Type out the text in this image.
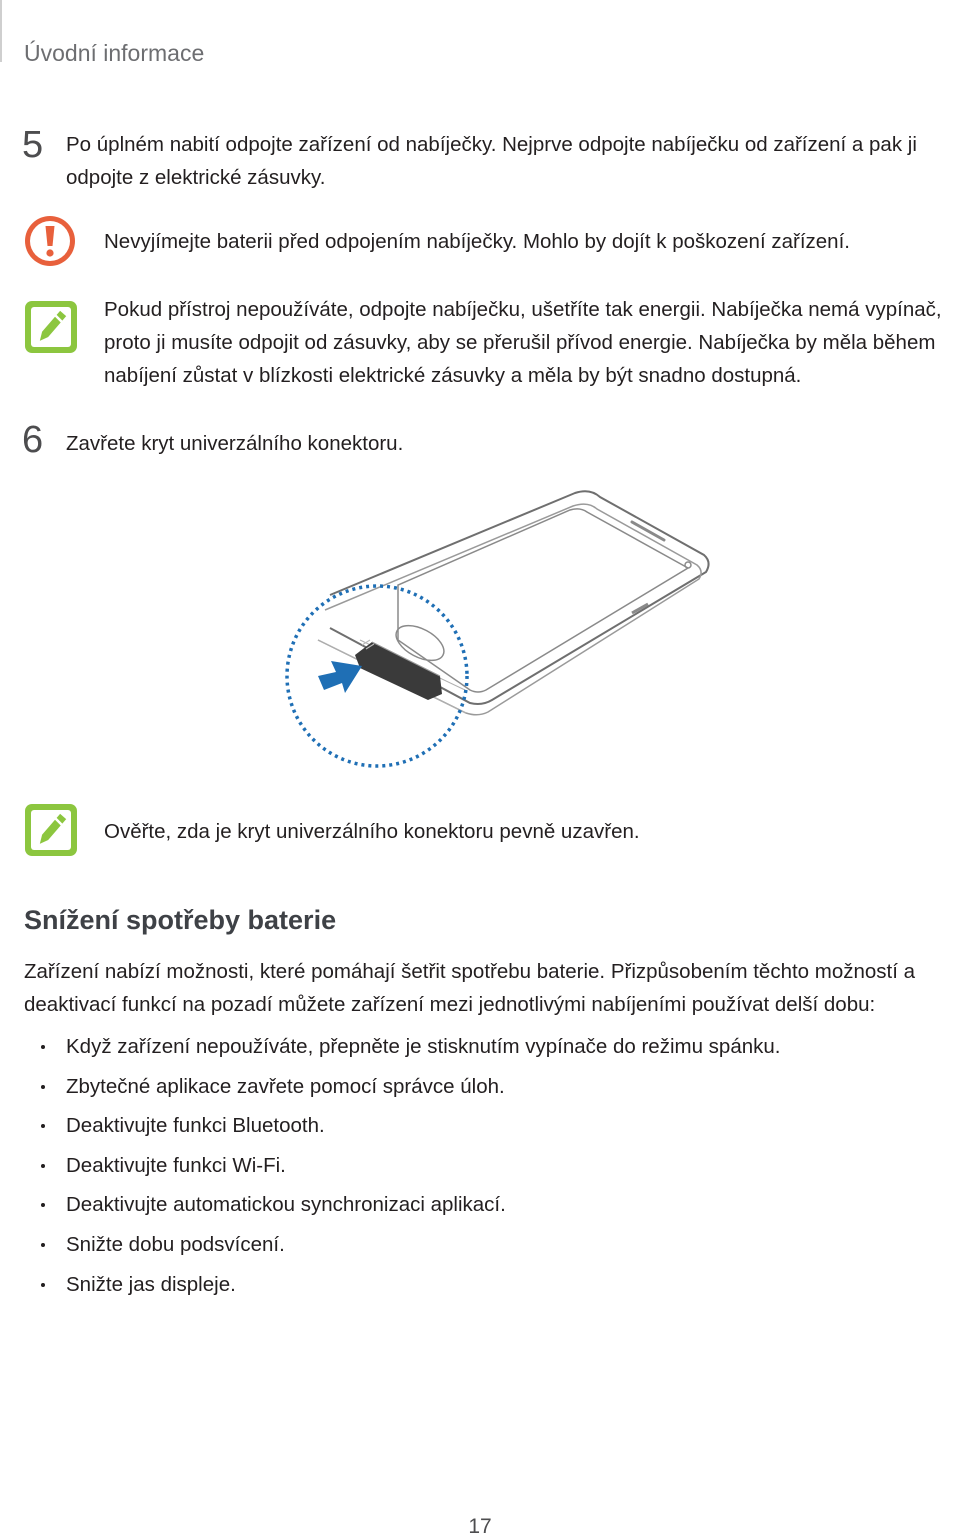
Úvodní informace
5 Po úplném nabití odpojte zařízení od nabíječky. Nejprve odpojte nabíječku od zařízení a pak ji odpojte z elektrické zásuvky.
Nevyjímejte baterii před odpojením nabíječky. Mohlo by dojít k poškození zařízení.
Pokud přístroj nepoužíváte, odpojte nabíječku, ušetříte tak energii. Nabíječka nemá vypínač, proto ji musíte odpojit od zásuvky, aby se přerušil přívod energie. Nabíječka by měla během nabíjení zůstat v blízkosti elektrické zásuvky a měla by být snadno dostupná.
6 Zavřete kryt univerzálního konektoru.
Ověřte, zda je kryt univerzálního konektoru pevně uzavřen.
Snížení spotřeby baterie
Zařízení nabízí možnosti, které pomáhají šetřit spotřebu baterie. Přizpůsobením těchto možností a deaktivací funkcí na pozadí můžete zařízení mezi jednotlivými nabíjeními používat delší dobu:
Když zařízení nepoužíváte, přepněte je stisknutím vypínače do režimu spánku.
Zbytečné aplikace zavřete pomocí správce úloh.
Deaktivujte funkci Bluetooth.
Deaktivujte funkci Wi-Fi.
Deaktivujte automatickou synchronizaci aplikací.
Snižte dobu podsvícení.
Snižte jas displeje.
17
